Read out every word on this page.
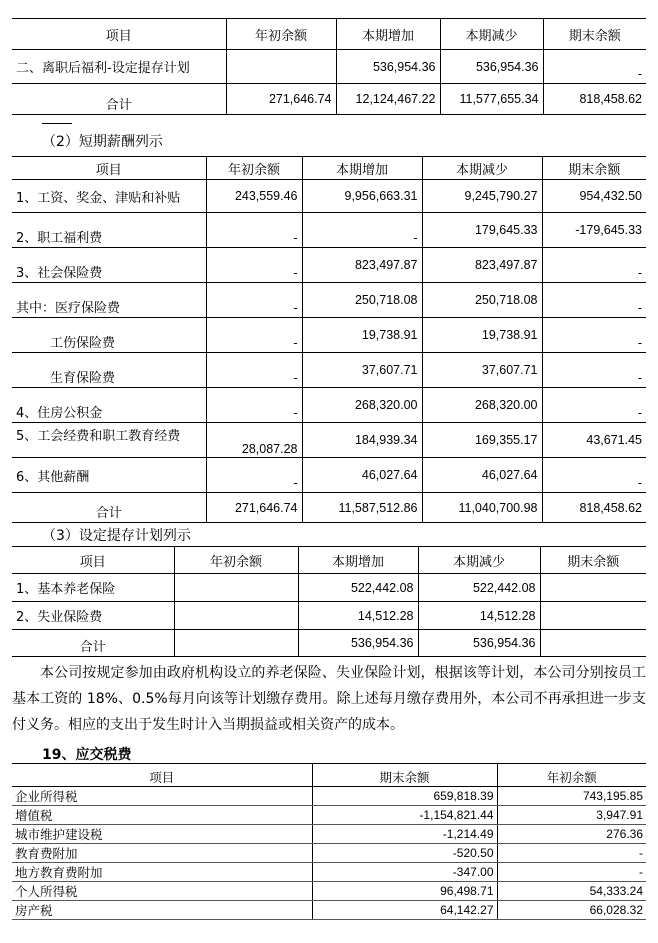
项目	年初余额	本期增加	本期减少	期末余额
二、离职后福利-设定提存计划		536,954.36	536,954.36	-
合计	271,646.74	12,124,467.22	11,577,655.34	818,458.62
（2）短期薪酬列示
项目	年初余额	本期增加	本期减少	期末余额
1、工资、奖金、津贴和补贴	243,559.46	9,956,663.31	9,245,790.27	954,432.50
2、职工福利费	-	-	179,645.33	-179,645.33
3、社会保险费	-	823,497.87	823,497.87	-
其中：医疗保险费	-	250,718.08	250,718.08	-
工伤保险费	-	19,738.91	19,738.91	-
生育保险费	-	37,607.71	37,607.71	-
4、住房公积金	-	268,320.00	268,320.00	-
5、工会经费和职工教育经费	28,087.28	184,939.34	169,355.17	43,671.45
6、其他薪酬	-	46,027.64	46,027.64	-
合计	271,646.74	11,587,512.86	11,040,700.98	818,458.62
（3）设定提存计划列示
项目	年初余额	本期增加	本期减少	期末余额
1、基本养老保险		522,442.08	522,442.08	
2、失业保险费		14,512.28	14,512.28	
合计		536,954.36	536,954.36	
本公司按规定参加由政府机构设立的养老保险、失业保险计划，根据该等计划，本公司分别按员工基本工资的 18%、0.5%每月向该等计划缴存费用。除上述每月缴存费用外，本公司不再承担进一步支付义务。相应的支出于发生时计入当期损益或相关资产的成本。
19、应交税费
项目	期末余额	年初余额
企业所得税	659,818.39	743,195.85
增值税	-1,154,821.44	3,947.91
城市维护建设税	-1,214.49	276.36
教育费附加	-520.50	-
地方教育费附加	-347.00	-
个人所得税	96,498.71	54,333.24
房产税	64,142.27	66,028.32
